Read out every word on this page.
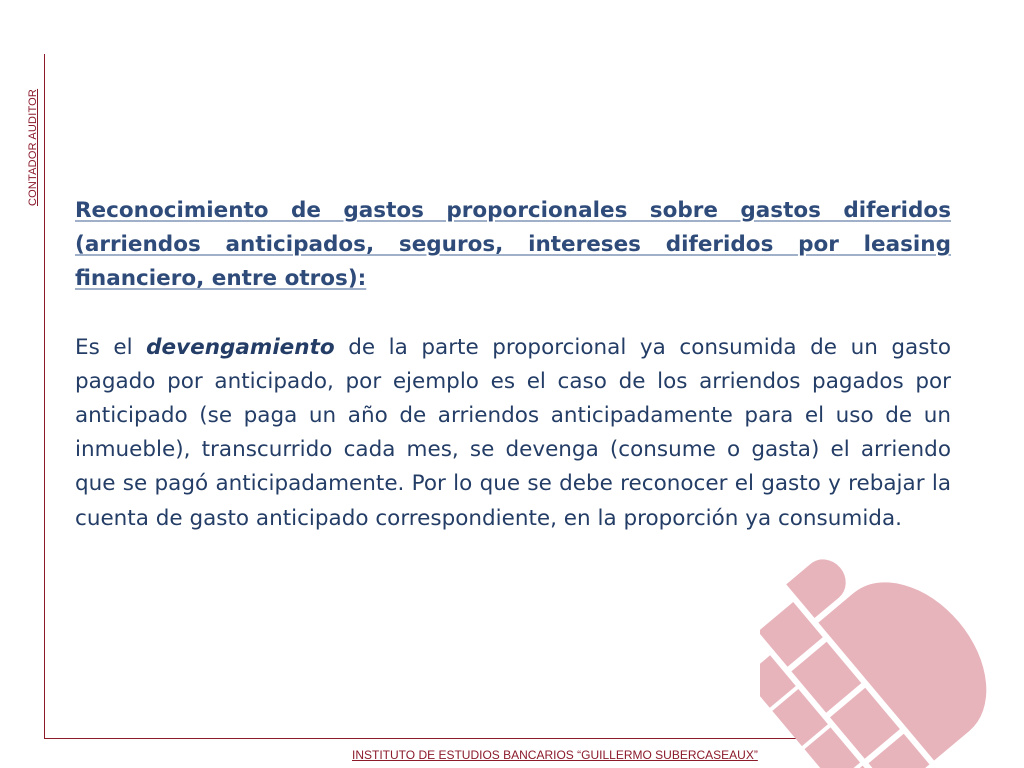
CONTADOR AUDITOR

Reconocimiento de gastos proporcionales sobre gastos diferidos (arriendos anticipados, seguros, intereses diferidos por leasing financiero, entre otros):

Es el devengamiento de la parte proporcional ya consumida de un gasto pagado por anticipado, por ejemplo es el caso de los arriendos pagados por anticipado (se paga un año de arriendos anticipadamente para el uso de un inmueble), transcurrido cada mes, se devenga (consume o gasta) el arriendo que se pagó anticipadamente. Por lo que se debe reconocer el gasto y rebajar la cuenta de gasto anticipado correspondiente, en la proporción ya consumida.

INSTITUTO DE ESTUDIOS BANCARIOS “GUILLERMO SUBERCASEAUX”
